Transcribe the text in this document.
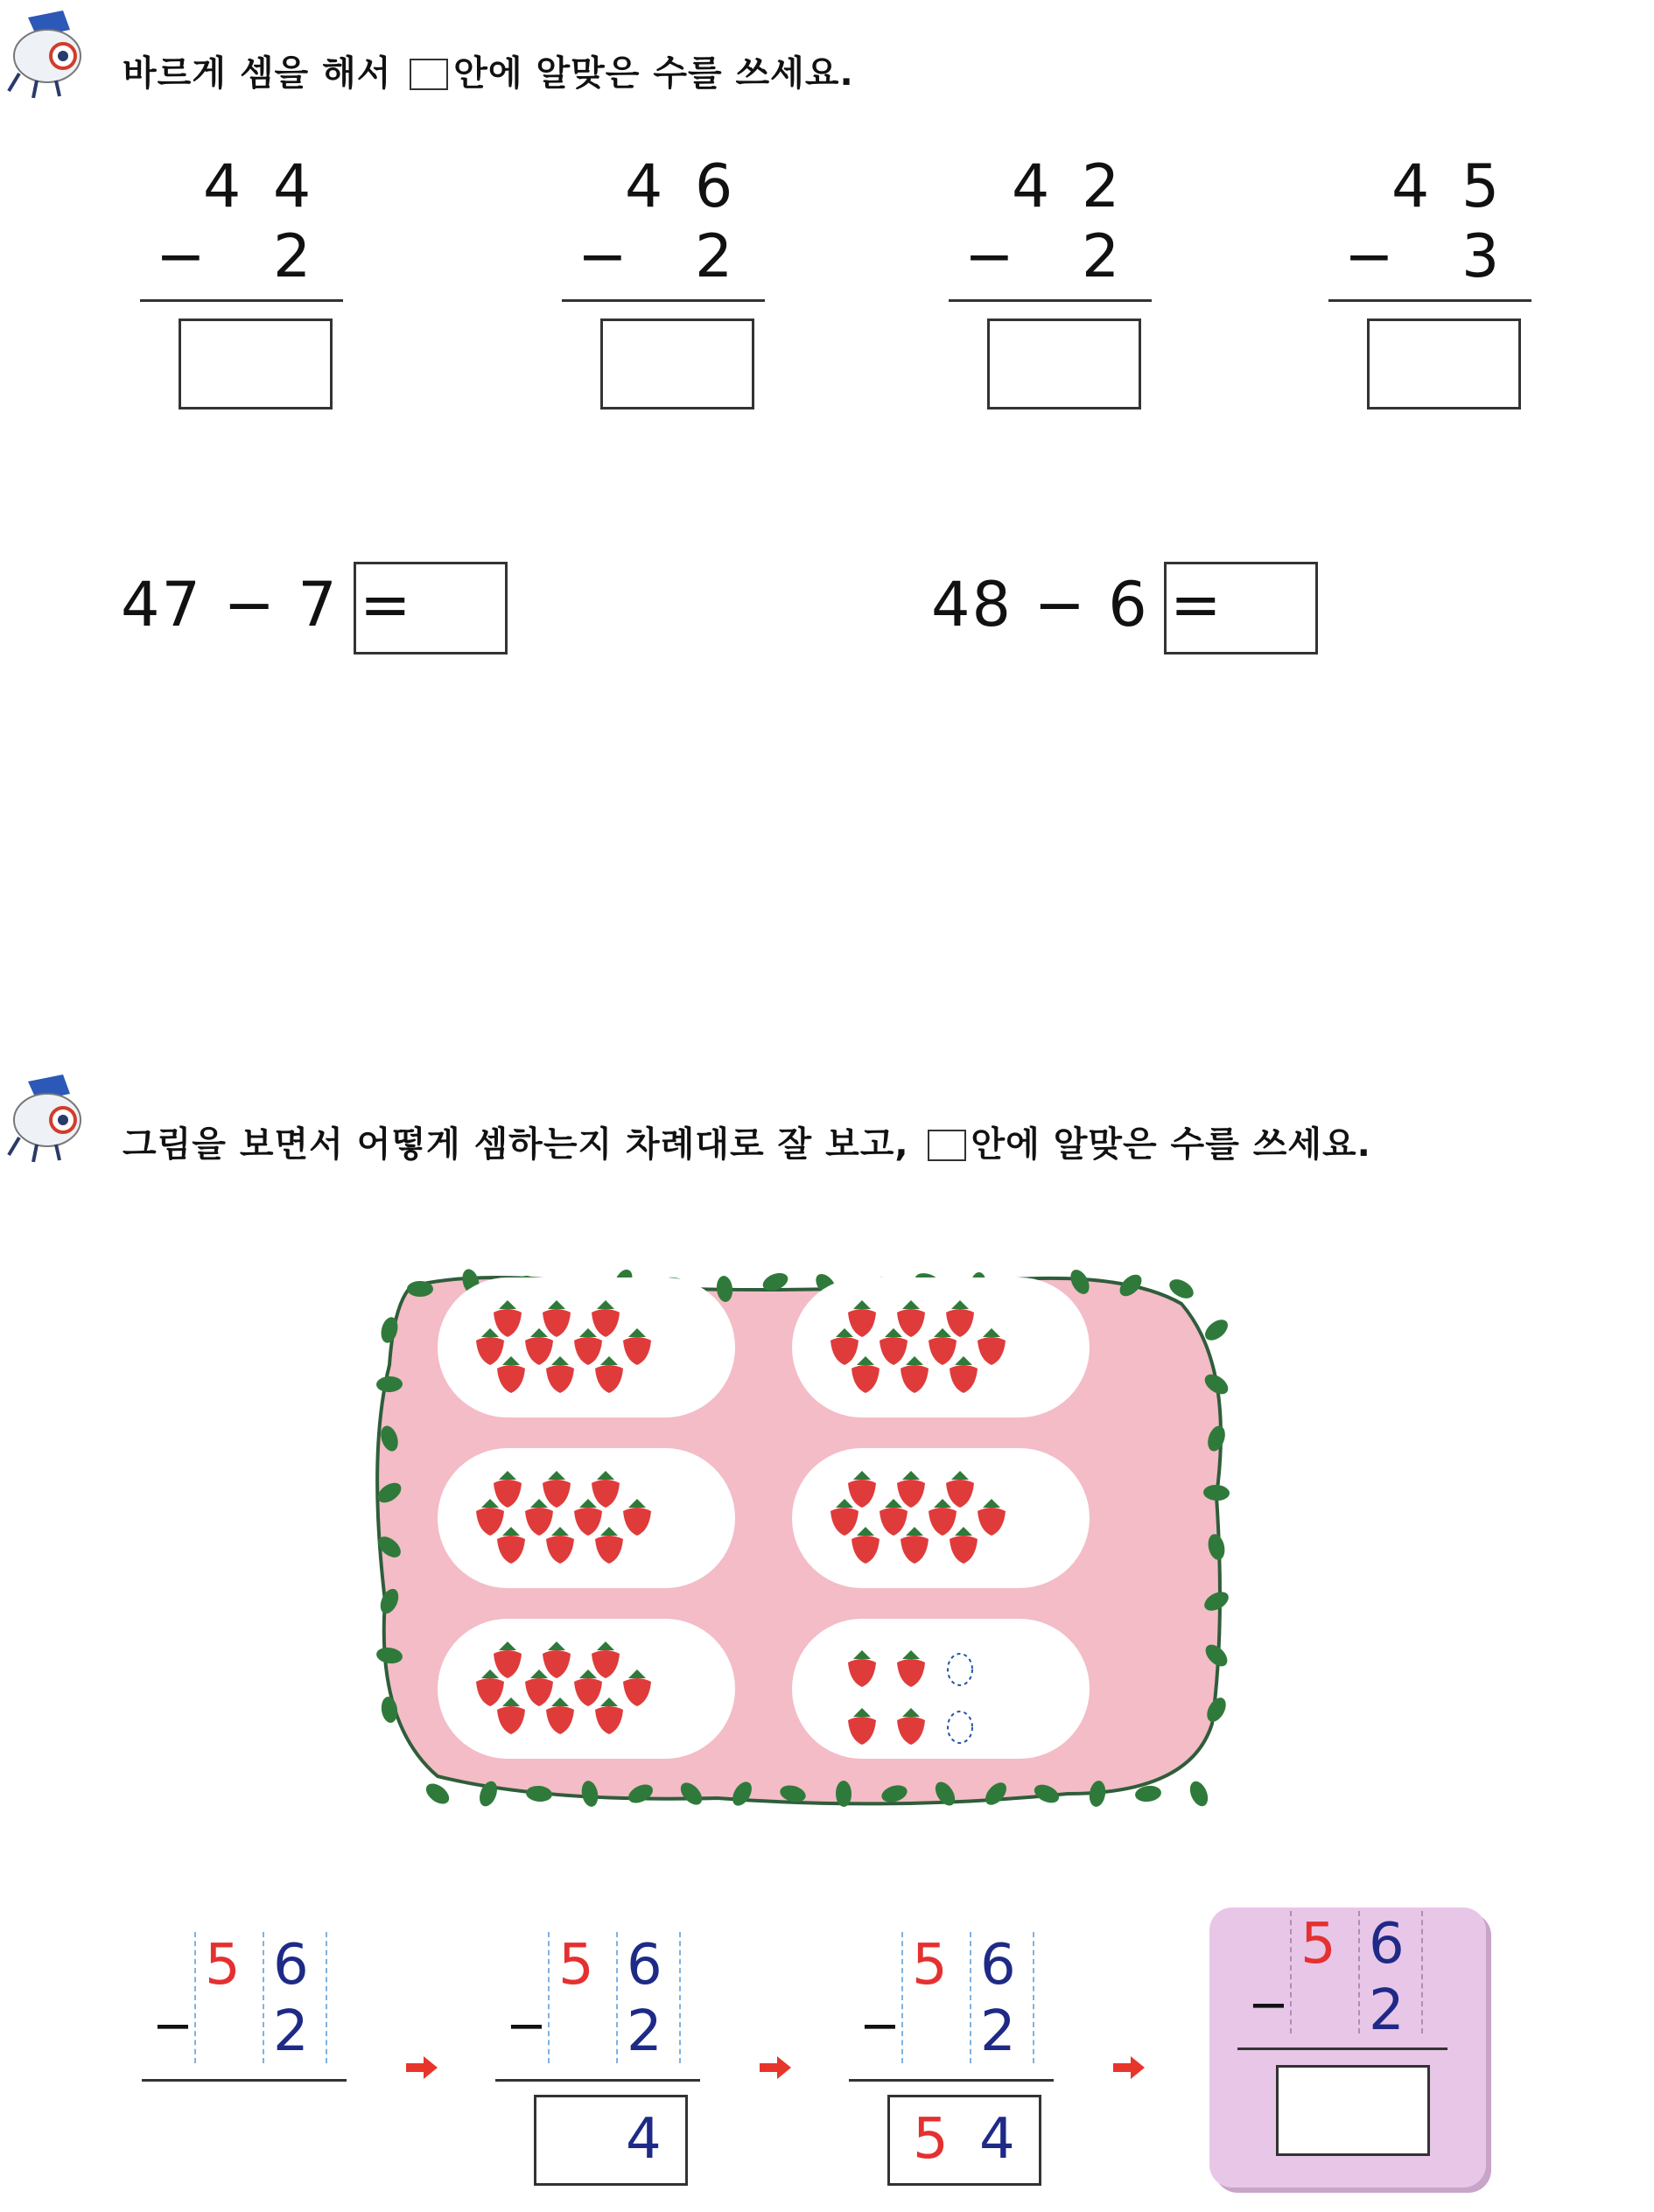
바르게 셈을 해서 안에 알맞은 수를 쓰세요.
4 4
− 2
4 6
− 2
4 2
− 2
4 5
− 3
47 − 7 =	48 − 6 =
그림을 보면서 어떻게 셈하는지 차례대로 잘 보고, 안에 알맞은 수를 쓰세요.
5 6
− 2
5 6
− 2
4
5 6
− 2
5 4
5 6
− 2
